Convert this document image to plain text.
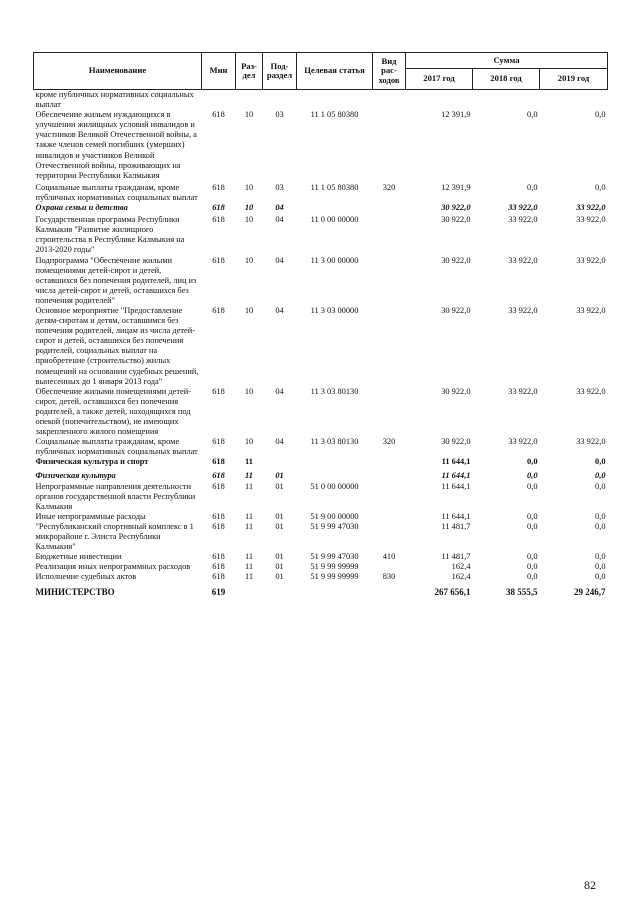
Наименование	Мин	Раз-дел	Под-раздел	Целевая статья	Вид рас-ходов	Сумма		
						2017 год	2018 год	2019 год
кроме публичных нормативных социальных выплат								
Обеспечение жильем нуждающихся в улучшении жилищных условий инвалидов и участников Великой Отечественной войны, а также членов семей погибших (умерших) инвалидов и участников Великой Отечественной войны, проживающих на территории Республики Калмыкия	618	10	03	11 1 05 80380		12 391,9	0,0	0,0
Социальные выплаты гражданам, кроме публичных нормативных социальных выплат	618	10	03	11 1 05 80380	320	12 391,9	0,0	0,0
Охрана семьи и детства	618	10	04			30 922,0	33 922,0	33 922,0
Государственная программа Республики Калмыкия "Развитие жилищного строительства в Республике Калмыкия на 2013-2020 годы"	618	10	04	11 0 00 00000		30 922,0	33 922,0	33 922,0
Подпрограмма "Обеспечение жилыми помещениями детей-сирот и детей, оставшихся без попечения родителей, лиц из числа детей-сирот и детей, оставшихся без попечения родителей"	618	10	04	11 3 00 00000		30 922,0	33 922,0	33 922,0
Основное мероприятие "Предоставление детям-сиротам и детям, оставшимся без попечения родителей, лицам из числа детей-сирот и детей, оставшихся без попечения родителей, социальных выплат на приобретение (строительство) жилых помещений на основании судебных решений, вынесенных до 1 января 2013 года"	618	10	04	11 3 03 00000		30 922,0	33 922,0	33 922,0
Обеспечение жилыми помещениями детей-сирот, детей, оставшихся без попечения родителей, а также детей, находящихся под опекой (попечительством), не имеющих закрепленного жилого помещения	618	10	04	11 3 03 80130		30 922,0	33 922,0	33 922,0
Социальные выплаты гражданам, кроме публичных нормативных социальных выплат	618	10	04	11 3 03 80130	320	30 922,0	33 922,0	33 922,0
Физическая культура и спорт	618	11				11 644,1	0,0	0,0
Физическая культура	618	11	01			11 644,1	0,0	0,0
Непрограммные направления деятельности органов государственной власти Республики Калмыкия	618	11	01	51 0 00 00000		11 644,1	0,0	0,0
Иные непрограммные расходы	618	11	01	51 9 00 00000		11 644,1	0,0	0,0
"Республиканский спортивный комплекс в 1 микрорайоне г. Элиста Республики Калмыкия"	618	11	01	51 9 99 47030		11 481,7	0,0	0,0
Бюджетные инвестиции	618	11	01	51 9 99 47030	410	11 481,7	0,0	0,0
Реализация иных непрограммных расходов	618	11	01	51 9 99 99999		162,4	0,0	0,0
Исполнение судебных актов	618	11	01	51 9 99 99999	830	162,4	0,0	0,0
МИНИСТЕРСТВО	619					267 656,1	38 555,5	29 246,7
82
